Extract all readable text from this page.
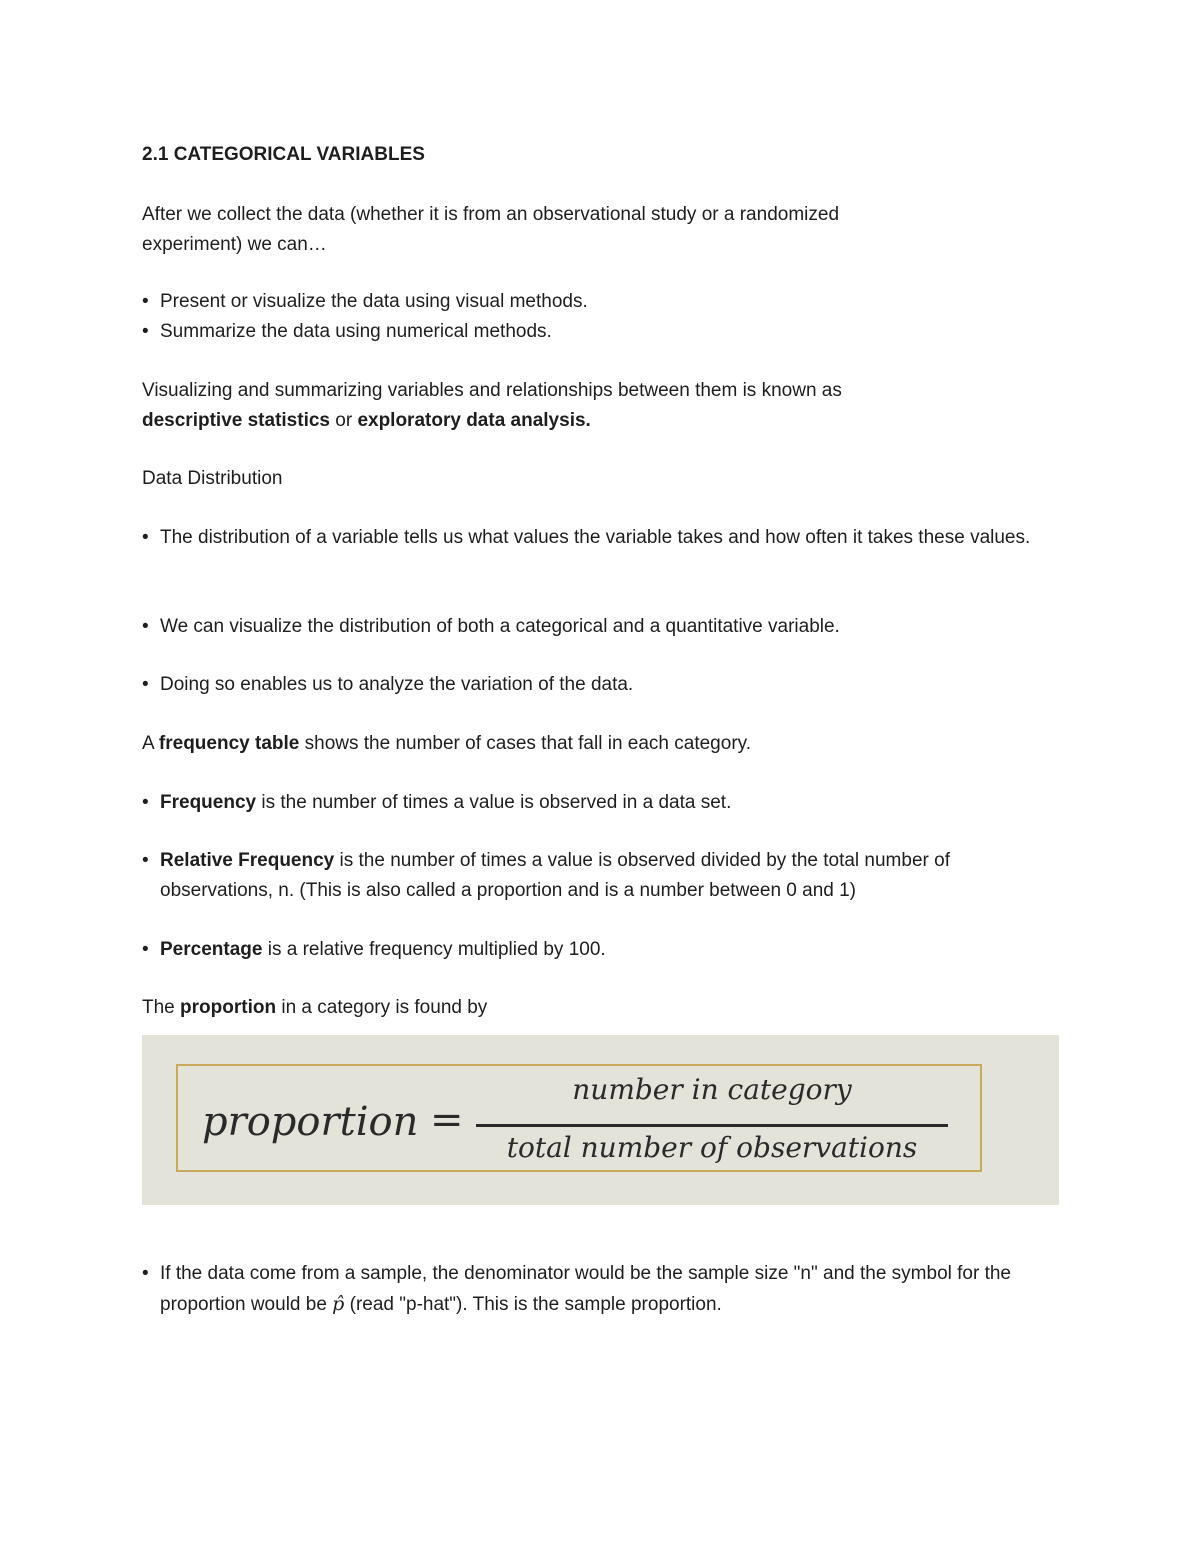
2.1 CATEGORICAL VARIABLES
After we collect the data (whether it is from an observational study or a randomized
experiment) we can…
• Present or visualize the data using visual methods.
• Summarize the data using numerical methods.
Visualizing and summarizing variables and relationships between them is known as
descriptive statistics or exploratory data analysis.
Data Distribution
• The distribution of a variable tells us what values the variable takes and how often it takes these values.
• We can visualize the distribution of both a categorical and a quantitative variable.
• Doing so enables us to analyze the variation of the data.
A frequency table shows the number of cases that fall in each category.
• Frequency is the number of times a value is observed in a data set.
• Relative Frequency is the number of times a value is observed divided by the total number of observations, n. (This is also called a proportion and is a number between 0 and 1)
• Percentage is a relative frequency multiplied by 100.
The proportion in a category is found by
• If the data come from a sample, the denominator would be the sample size "n" and the symbol for the proportion would be p̂ (read "p-hat"). This is the sample proportion.
proportion =
number in category
total number of observations
